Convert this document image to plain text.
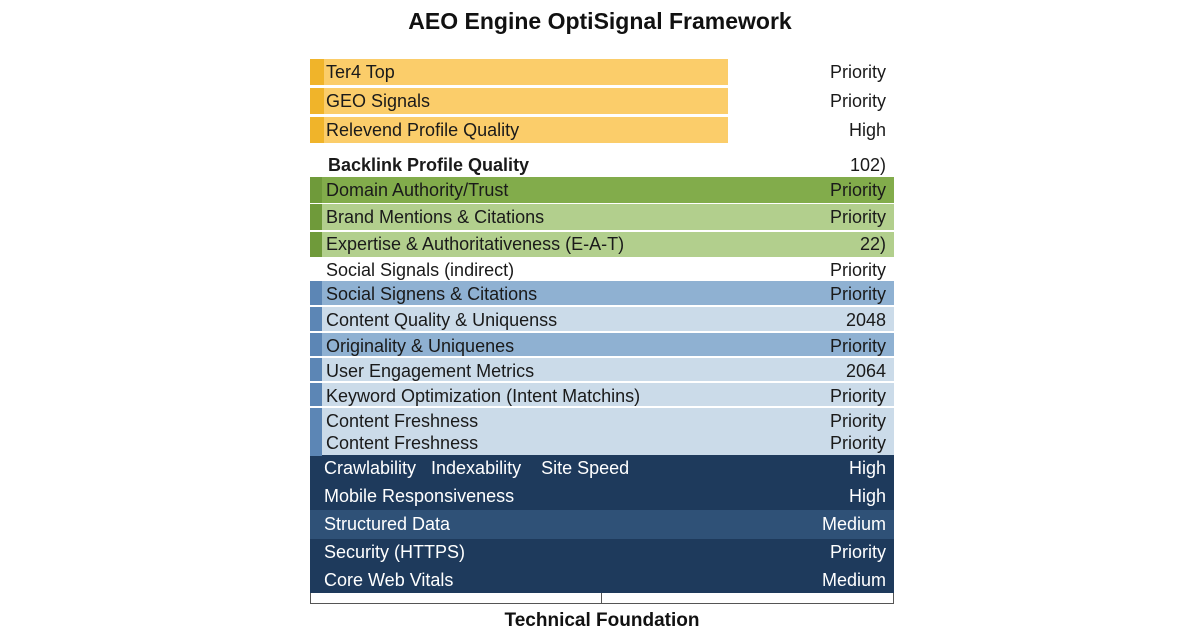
AEO Engine OptiSignal Framework
Ter4 Top	Priority
GEO Signals	Priority
Relevend Profile Quality	High
Backlink Profile Quality	102)
Domain Authority/Trust	Priority
Brand Mentions & Citations	Priority
Expertise & Authoritativeness (E-A-T)	22)
Social Signals (indirect)	Priority
Social Signens & Citations	Priority
Content Quality & Uniquenss	2048
Originality & Uniquenes	Priority
User Engagement Metrics	2064
Keyword Optimization (Intent Matchins)	Priority
Content Freshness	Priority
Content Freshness	Priority
Crawlability   Indexability    Site Speed	High
Mobile Responsiveness	High
Structured Data	Medium
Security (HTTPS)	Priority
Core Web Vitals	Medium
Technical Foundation
